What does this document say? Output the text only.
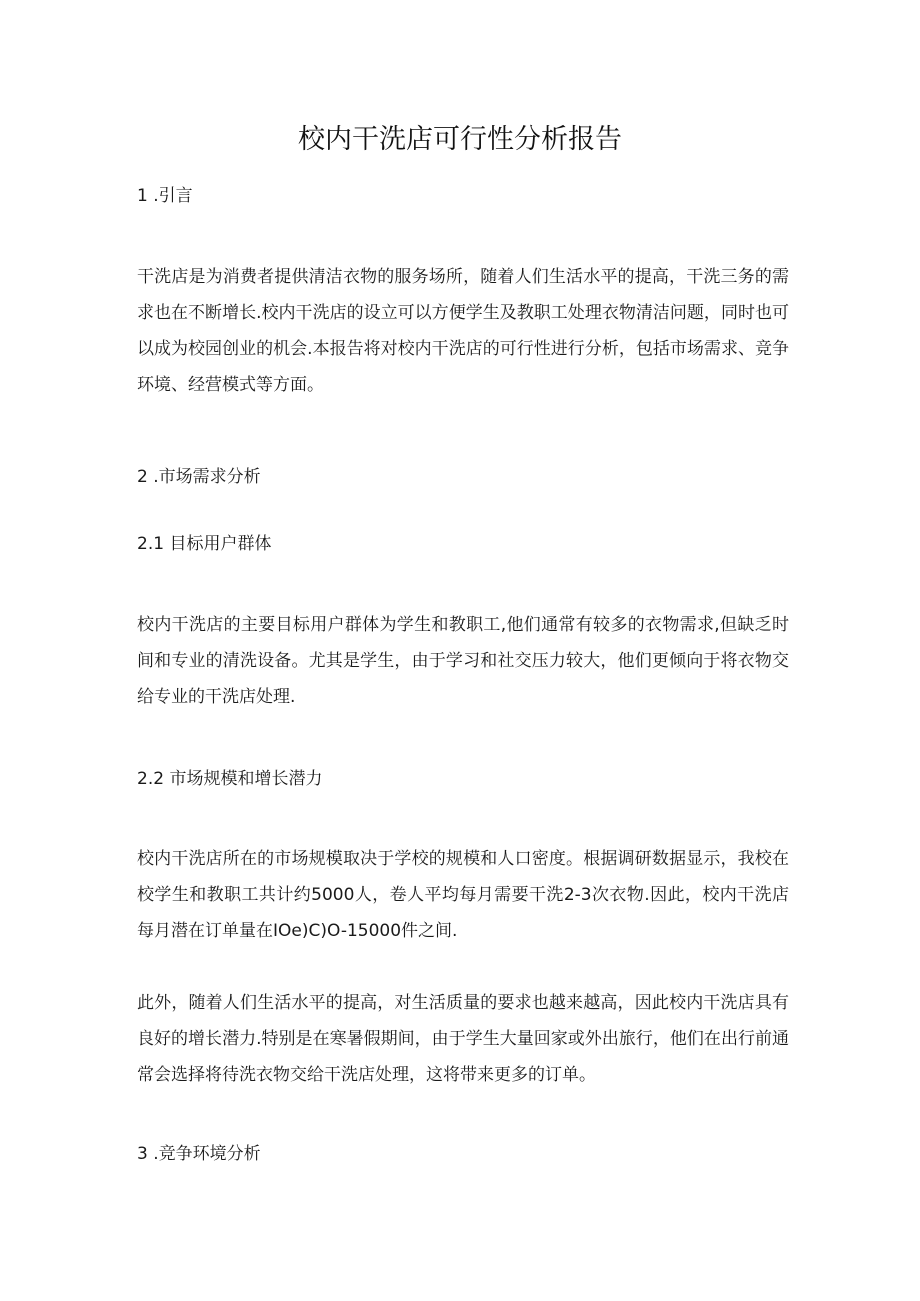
校内干洗店可行性分析报告
1 .引言
干洗店是为消费者提供清洁衣物的服务场所，随着人们生活水平的提高，干洗三务的需求也在不断增长.校内干洗店的设立可以方便学生及教职工处理衣物清洁问题，同时也可以成为校园创业的机会.本报告将对校内干洗店的可行性进行分析，包括市场需求、竞争环境、经营模式等方面。
2 .市场需求分析
2.1 目标用户群体
校内干洗店的主要目标用户群体为学生和教职工,他们通常有较多的衣物需求,但缺乏时间和专业的清洗设备。尤其是学生，由于学习和社交压力较大，他们更倾向于将衣物交给专业的干洗店处理.
2.2 市场规模和增长潜力
校内干洗店所在的市场规模取决于学校的规模和人口密度。根据调研数据显示，我校在校学生和教职工共计约5000人，卷人平均每月需要干洗2-3次衣物.因此，校内干洗店每月潜在订单量在IOe)C)O-15000件之间.
此外，随着人们生活水平的提高，对生活质量的要求也越来越高，因此校内干洗店具有良好的增长潜力.特别是在寒暑假期间，由于学生大量回家或外出旅行，他们在出行前通常会选择将待洗衣物交给干洗店处理，这将带来更多的订单。
3 .竞争环境分析
